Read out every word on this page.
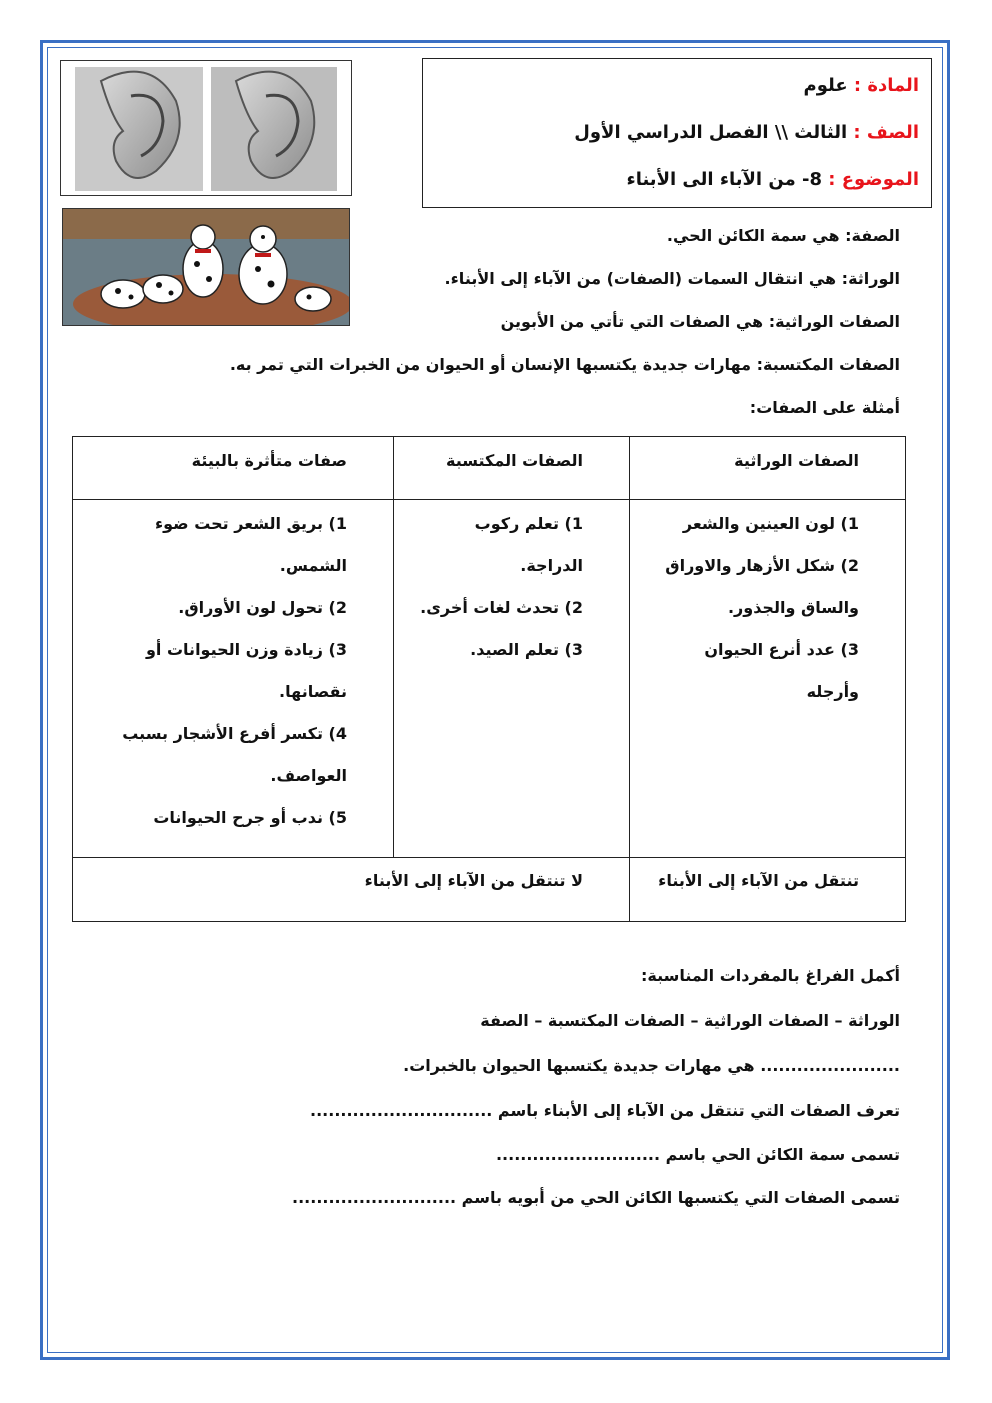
المادة : علوم
الصف : الثالث \\ الفصل الدراسي الأول
الموضوع : 8- من الآباء الى الأبناء
الصفة: هي سمة الكائن الحي.
الوراثة: هي انتقال السمات (الصفات) من الآباء إلى الأبناء.
الصفات الوراثية: هي الصفات التي تأتي من الأبوين
الصفات المكتسبة: مهارات جديدة يكتسبها الإنسان أو الحيوان من الخبرات التي تمر به.
أمثلة على الصفات:
الصفات الوراثية
الصفات المكتسبة
صفات متأثرة بالبيئة
1) لون العينين والشعر
2) شكل الأزهار والاوراق
والساق والجذور.
3) عدد أنرع الحيوان
وأرجله
1) تعلم ركوب
الدراجة.
2) تحدث لغات أخرى.
3) تعلم الصيد.
1) بريق الشعر تحت ضوء
الشمس.
2) تحول لون الأوراق.
3) زيادة وزن الحيوانات أو
نقصانها.
4) تكسر أفرع الأشجار بسبب
العواصف.
5) ندب أو جرح الحيوانات
تنتقل من الآباء إلى الأبناء
لا تنتقل من الآباء إلى الأبناء
أكمل الفراغ بالمفردات المناسبة:
الوراثة – الصفات الوراثية – الصفات المكتسبة – الصفة
....................... هي مهارات جديدة يكتسبها الحيوان بالخبرات.
تعرف الصفات التي تنتقل من الآباء إلى الأبناء باسم ..............................
تسمى سمة الكائن الحي باسم ...........................
تسمى الصفات التي يكتسبها الكائن الحي من أبويه باسم ...........................
